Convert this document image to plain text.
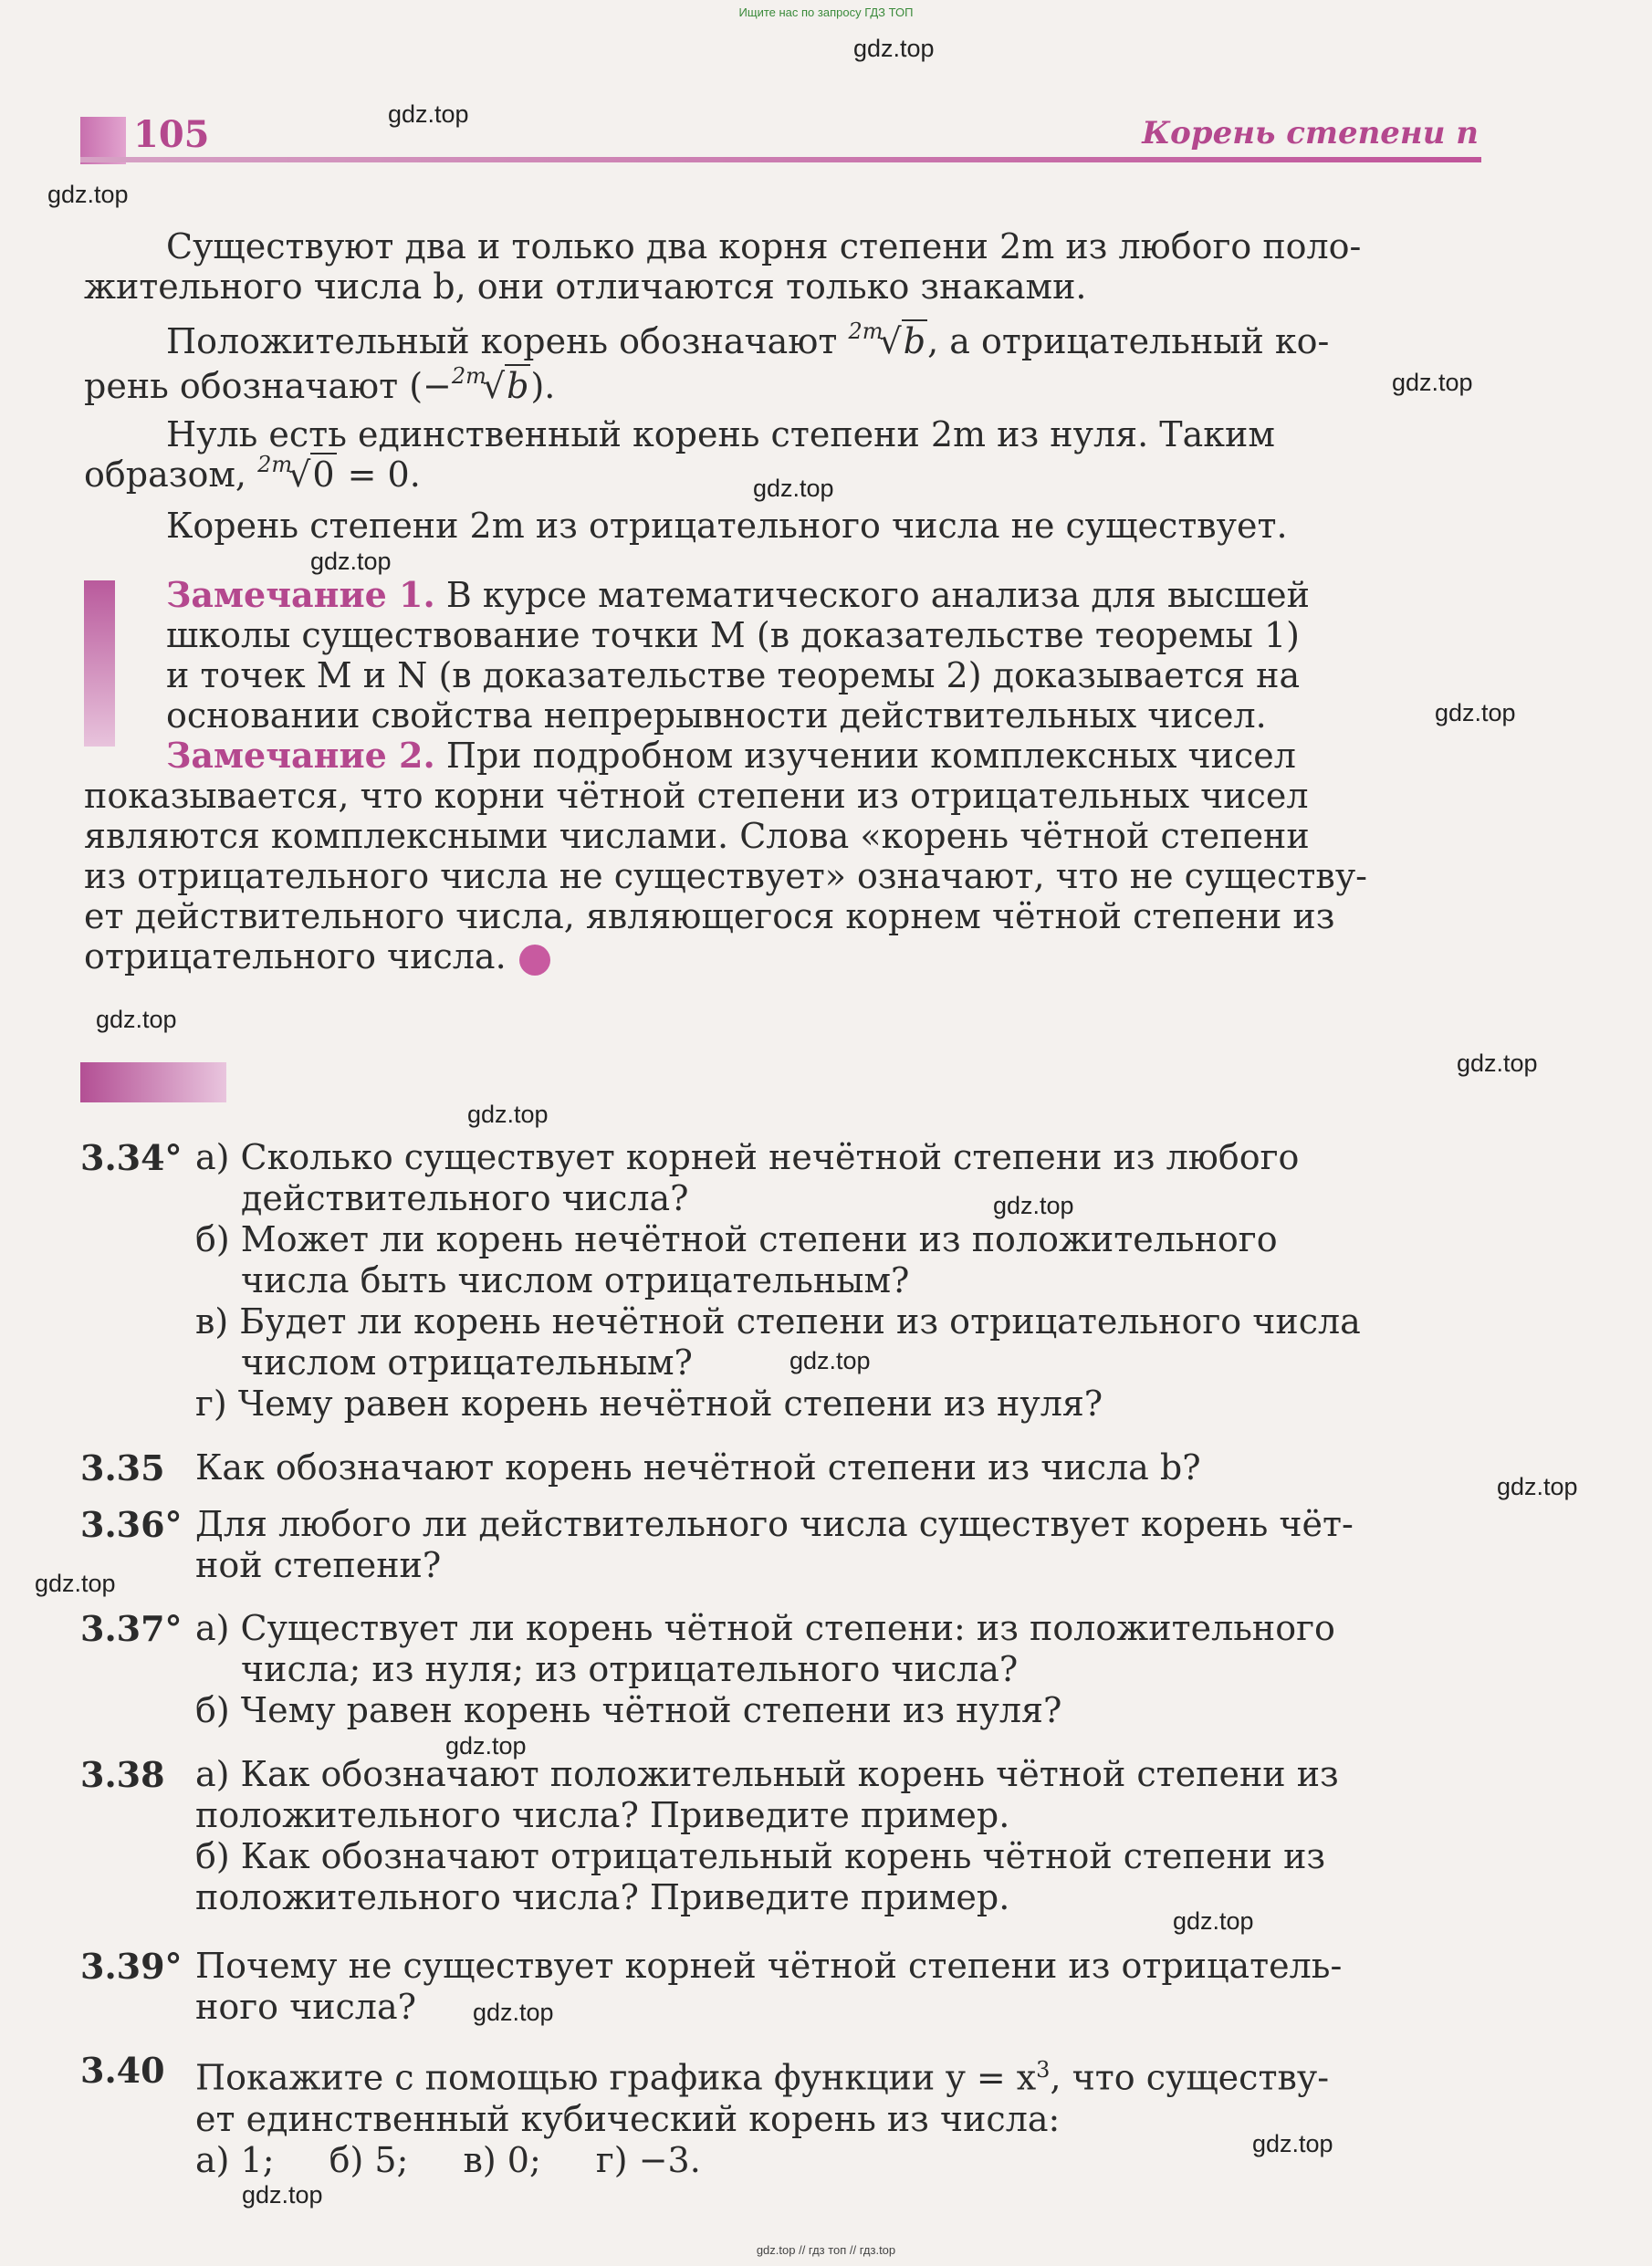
Ищите нас по запросу ГДЗ ТОП
105	Корень степени n
Существуют два и только два корня степени 2m из любого поло-
жительного числа b, они отличаются только знаками.
Положительный корень обозначают $^{2m}$√b, а отрицательный ко-
рень обозначают (−$^{2m}$√b).
Нуль есть единственный корень степени 2m из нуля. Таким
образом, $^{2m}$√0 = 0.
Корень степени 2m из отрицательного числа не существует.
Замечание 1. В курсе математического анализа для высшей
школы существование точки M (в доказательстве теоремы 1)
и точек M и N (в доказательстве теоремы 2) доказывается на
основании свойства непрерывности действительных чисел.
Замечание 2. При подробном изучении комплексных чисел
показывается, что корни чётной степени из отрицательных чисел
являются комплексными числами. Слова «корень чётной степени
из отрицательного числа не существует» означают, что не существу-
ет действительного числа, являющегося корнем чётной степени из
отрицательного числа.
3.34° а) Сколько существует корней нечётной степени из любого
действительного числа?
б) Может ли корень нечётной степени из положительного
числа быть числом отрицательным?
в) Будет ли корень нечётной степени из отрицательного числа
числом отрицательным?
г) Чему равен корень нечётной степени из нуля?
3.35 Как обозначают корень нечётной степени из числа b?
3.36° Для любого ли действительного числа существует корень чёт-
ной степени?
3.37° а) Существует ли корень чётной степени: из положительного
числа; из нуля; из отрицательного числа?
б) Чему равен корень чётной степени из нуля?
3.38 а) Как обозначают положительный корень чётной степени из
положительного числа? Приведите пример.
б) Как обозначают отрицательный корень чётной степени из
положительного числа? Приведите пример.
3.39° Почему не существует корней чётной степени из отрицатель-
ного числа?
3.40 Покажите с помощью графика функции $y = x^3$, что существу-
ет единственный кубический корень из числа:
а) 1; б) 5; в) 0; г) −3.
gdz.top
gdz.top
gdz.top
gdz.top
gdz.top
gdz.top
gdz.top
gdz.top
gdz.top
gdz.top
gdz.top
gdz.top
gdz.top
gdz.top
gdz.top
gdz.top
gdz.top
gdz.top
gdz.top
gdz.top // гдз топ // гдз.top
